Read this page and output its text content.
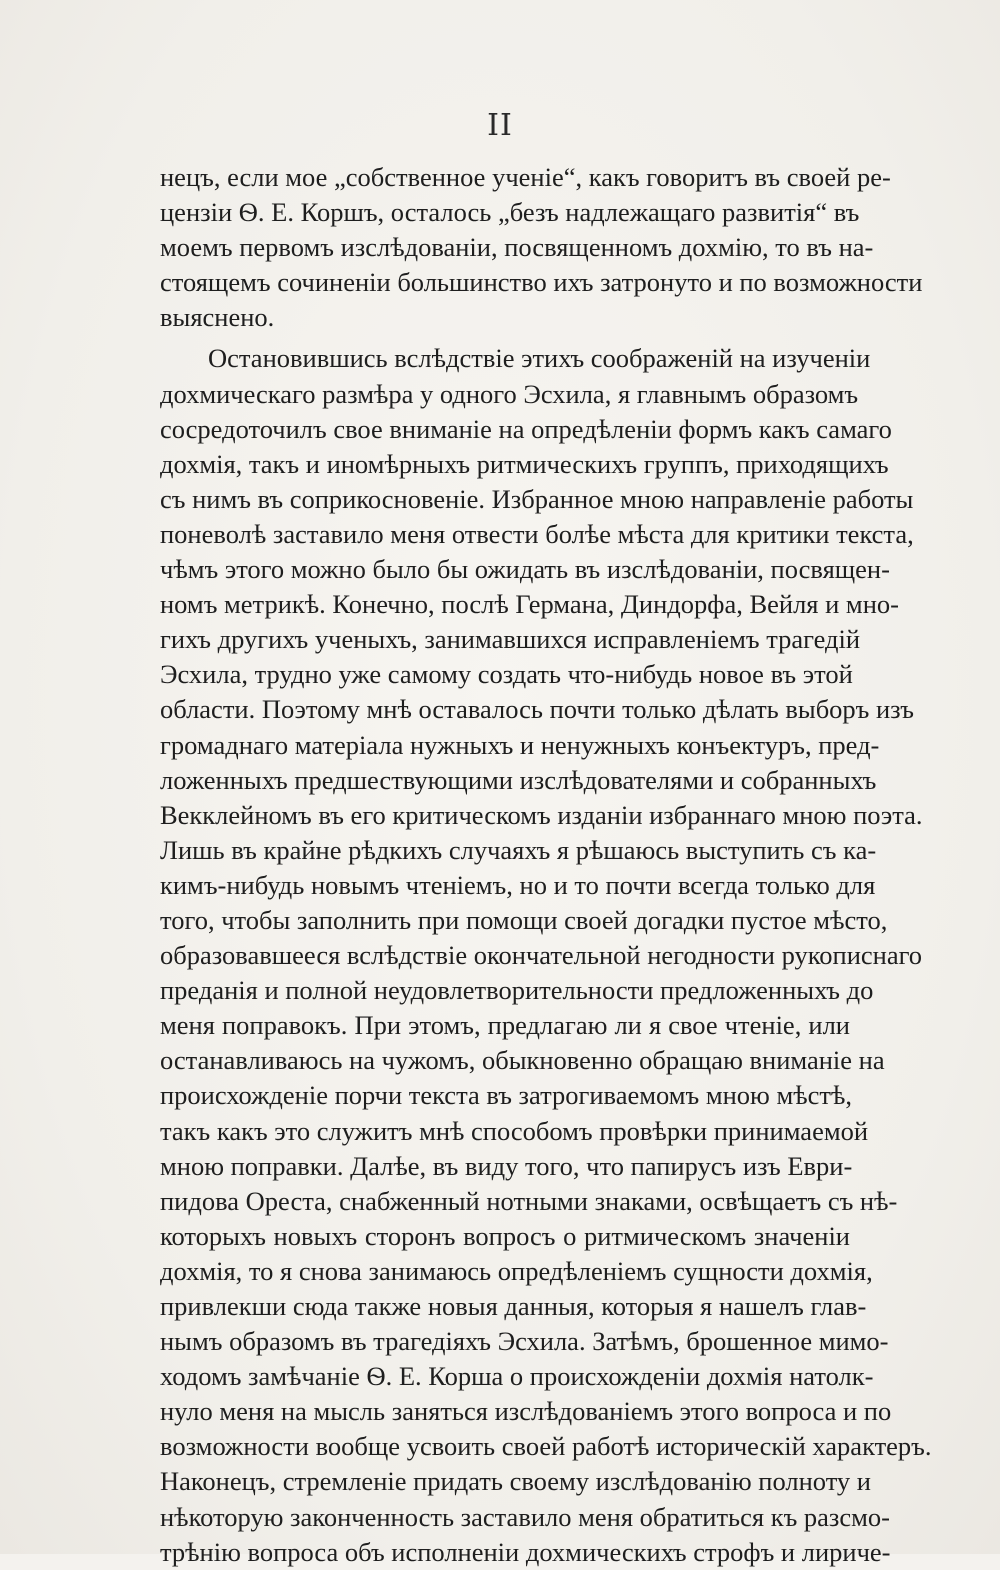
II
нецъ, если мое „собственное ученіе“, какъ говоритъ въ своей ре-
цензіи Ѳ. Е. Коршъ, осталось „безъ надлежащаго развитія“ въ
моемъ первомъ изслѣдованіи, посвященномъ дохмію, то въ на-
стоящемъ сочиненіи большинство ихъ затронуто и по возможности
выяснено.
Остановившись вслѣдствіе этихъ соображеній на изученіи
дохмическаго размѣра у одного Эсхила, я главнымъ образомъ
сосредоточилъ свое вниманіе на опредѣленіи формъ какъ самаго
дохмія, такъ и иномѣрныхъ ритмическихъ группъ, приходящихъ
съ нимъ въ соприкосновеніе. Избранное мною направленіе работы
поневолѣ заставило меня отвести болѣе мѣста для критики текста,
чѣмъ этого можно было бы ожидать въ изслѣдованіи, посвящен-
номъ метрикѣ. Конечно, послѣ Германа, Диндорфа, Вейля и мно-
гихъ другихъ ученыхъ, занимавшихся исправленіемъ трагедій
Эсхила, трудно уже самому создать что-нибудь новое въ этой
области. Поэтому мнѣ оставалось почти только дѣлать выборъ изъ
громаднаго матеріала нужныхъ и ненужныхъ конъектуръ, пред-
ложенныхъ предшествующими изслѣдователями и собранныхъ
Векклейномъ въ его критическомъ изданіи избраннаго мною поэта.
Лишь въ крайне рѣдкихъ случаяхъ я рѣшаюсь выступить съ ка-
кимъ-нибудь новымъ чтеніемъ, но и то почти всегда только для
того, чтобы заполнить при помощи своей догадки пустое мѣсто,
образовавшееся вслѣдствіе окончательной негодности рукописнаго
преданія и полной неудовлетворительности предложенныхъ до
меня поправокъ. При этомъ, предлагаю ли я свое чтеніе, или
останавливаюсь на чужомъ, обыкновенно обращаю вниманіе на
происхожденіе порчи текста въ затрогиваемомъ мною мѣстѣ,
такъ какъ это служитъ мнѣ способомъ провѣрки принимаемой
мною поправки. Далѣе, въ виду того, что папирусъ изъ Еври-
пидова Ореста, снабженный нотными знаками, освѣщаетъ съ нѣ-
которыхъ новыхъ сторонъ вопросъ о ритмическомъ значеніи
дохмія, то я снова занимаюсь опредѣленіемъ сущности дохмія,
привлекши сюда также новыя данныя, которыя я нашелъ глав-
нымъ образомъ въ трагедіяхъ Эсхила. Затѣмъ, брошенное мимо-
ходомъ замѣчаніе Ѳ. Е. Корша о происхожденіи дохмія натолк-
нуло меня на мысль заняться изслѣдованіемъ этого вопроса и по
возможности вообще усвоить своей работѣ историческій характеръ.
Наконецъ, стремленіе придать своему изслѣдованію полноту и
нѣкоторую законченность заставило меня обратиться къ разсмо-
трѣнію вопроса объ исполненіи дохмическихъ строфъ и лириче-
